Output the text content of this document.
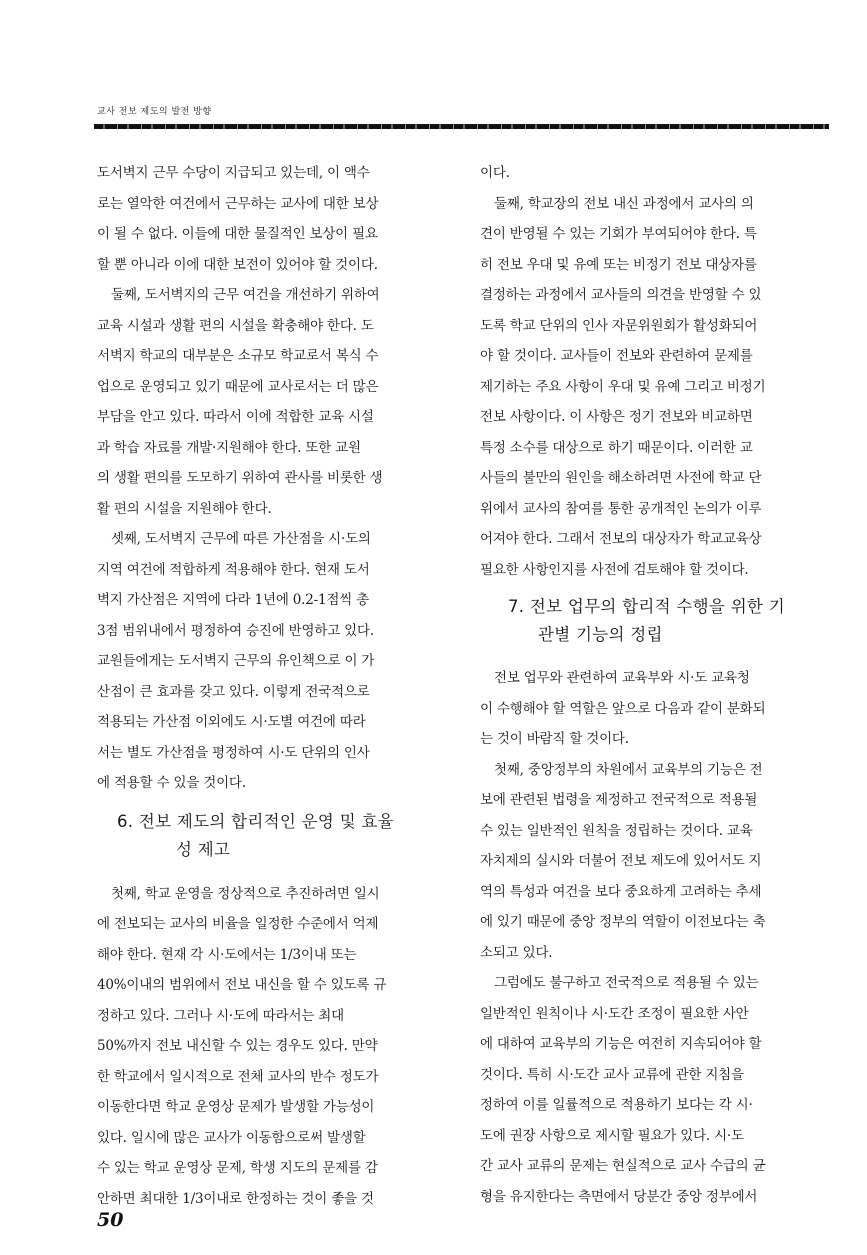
교사 전보 제도의 발전 방향

도서벽지 근무 수당이 지급되고 있는데, 이 액수

로는 열악한 여건에서 근무하는 교사에 대한 보상

이 될 수 없다. 이들에 대한 물질적인 보상이 필요

할 뿐 아니라 이에 대한 보전이 있어야 할 것이다.

둘째, 도서벽지의 근무 여건을 개선하기 위하여

교육 시설과 생활 편의 시설을 확충해야 한다. 도

서벽지 학교의 대부분은 소규모 학교로서 복식 수

업으로 운영되고 있기 때문에 교사로서는 더 많은

부담을 안고 있다. 따라서 이에 적합한 교육 시설

과 학습 자료를 개발·지원해야 한다. 또한 교원

의 생활 편의를 도모하기 위하여 관사를 비롯한 생

활 편의 시설을 지원해야 한다.

셋째, 도서벽지 근무에 따른 가산점을 시·도의

지역 여건에 적합하게 적용해야 한다. 현재 도서

벽지 가산점은 지역에 다라 1년에 0.2-1점씩 총

3점 범위내에서 평정하여 승진에 반영하고 있다.

교원들에게는 도서벽지 근무의 유인책으로 이 가

산점이 큰 효과를 갖고 있다. 이렇게 전국적으로

적용되는 가산점 이외에도 시·도별 여건에 따라

서는 별도 가산점을 평정하여 시·도 단위의 인사

에 적용할 수 있을 것이다.

6. 전보 제도의 합리적인 운영 및 효율
성 제고

첫째, 학교 운영을 정상적으로 추진하려면 일시

에 전보되는 교사의 비율을 일정한 수준에서 억제

해야 한다. 현재 각 시·도에서는 1/3이내 또는

40%이내의 범위에서 전보 내신을 할 수 있도록 규

정하고 있다. 그러나 시·도에 따라서는 최대

50%까지 전보 내신할 수 있는 경우도 있다. 만약

한 학교에서 일시적으로 전체 교사의 반수 정도가

이동한다면 학교 운영상 문제가 발생할 가능성이

있다. 일시에 많은 교사가 이동함으로써 발생할

수 있는 학교 운영상 문제, 학생 지도의 문제를 감

안하면 최대한 1/3이내로 한정하는 것이 좋을 것

이다.

둘째, 학교장의 전보 내신 과정에서 교사의 의

견이 반영될 수 있는 기회가 부여되어야 한다. 특

히 전보 우대 및 유예 또는 비정기 전보 대상자를

결정하는 과정에서 교사들의 의견을 반영할 수 있

도록 학교 단위의 인사 자문위원회가 활성화되어

야 할 것이다. 교사들이 전보와 관련하여 문제를

제기하는 주요 사항이 우대 및 유예 그리고 비정기

전보 사항이다. 이 사항은 정기 전보와 비교하면

특정 소수를 대상으로 하기 때문이다. 이러한 교

사들의 불만의 원인을 해소하려면 사전에 학교 단

위에서 교사의 참여를 통한 공개적인 논의가 이루

어져야 한다. 그래서 전보의 대상자가 학교교육상

필요한 사항인지를 사전에 검토해야 할 것이다.

7. 전보 업무의 합리적 수행을 위한 기
관별 기능의 정립

전보 업무와 관련하여 교육부와 시·도 교육청

이 수행해야 할 역할은 앞으로 다음과 같이 분화되

는 것이 바람직 할 것이다.

첫째, 중앙정부의 차원에서 교육부의 기능은 전

보에 관련된 법령을 제정하고 전국적으로 적용될

수 있는 일반적인 원칙을 정립하는 것이다. 교육

자치제의 실시와 더불어 전보 제도에 있어서도 지

역의 특성과 여건을 보다 중요하게 고려하는 추세

에 있기 때문에 중앙 정부의 역할이 이전보다는 축

소되고 있다.

그럼에도 불구하고 전국적으로 적용될 수 있는

일반적인 원칙이나 시·도간 조정이 필요한 사안

에 대하여 교육부의 기능은 여전히 지속되어야 할

것이다. 특히 시·도간 교사 교류에 관한 지침을

정하여 이를 일률적으로 적용하기 보다는 각 시·

도에 권장 사항으로 제시할 필요가 있다. 시·도

간 교사 교류의 문제는 현실적으로 교사 수급의 균

형을 유지한다는 측면에서 당분간 중앙 정부에서

50
